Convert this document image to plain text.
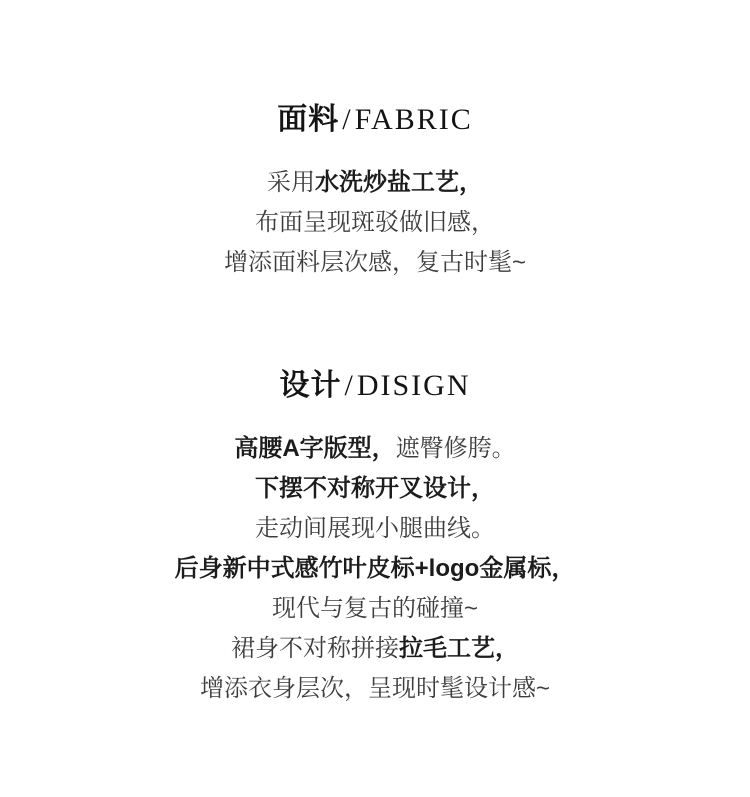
面料 / FABRIC

采用水洗炒盐工艺，

布面呈现斑驳做旧感，

增添面料层次感，复古时髦~

设计 / DISIGN

高腰A字版型，遮臀修胯。

下摆不对称开叉设计，

走动间展现小腿曲线。

后身新中式感竹叶皮标+logo金属标，

现代与复古的碰撞~

裙身不对称拼接拉毛工艺，

增添衣身层次，呈现时髦设计感~
